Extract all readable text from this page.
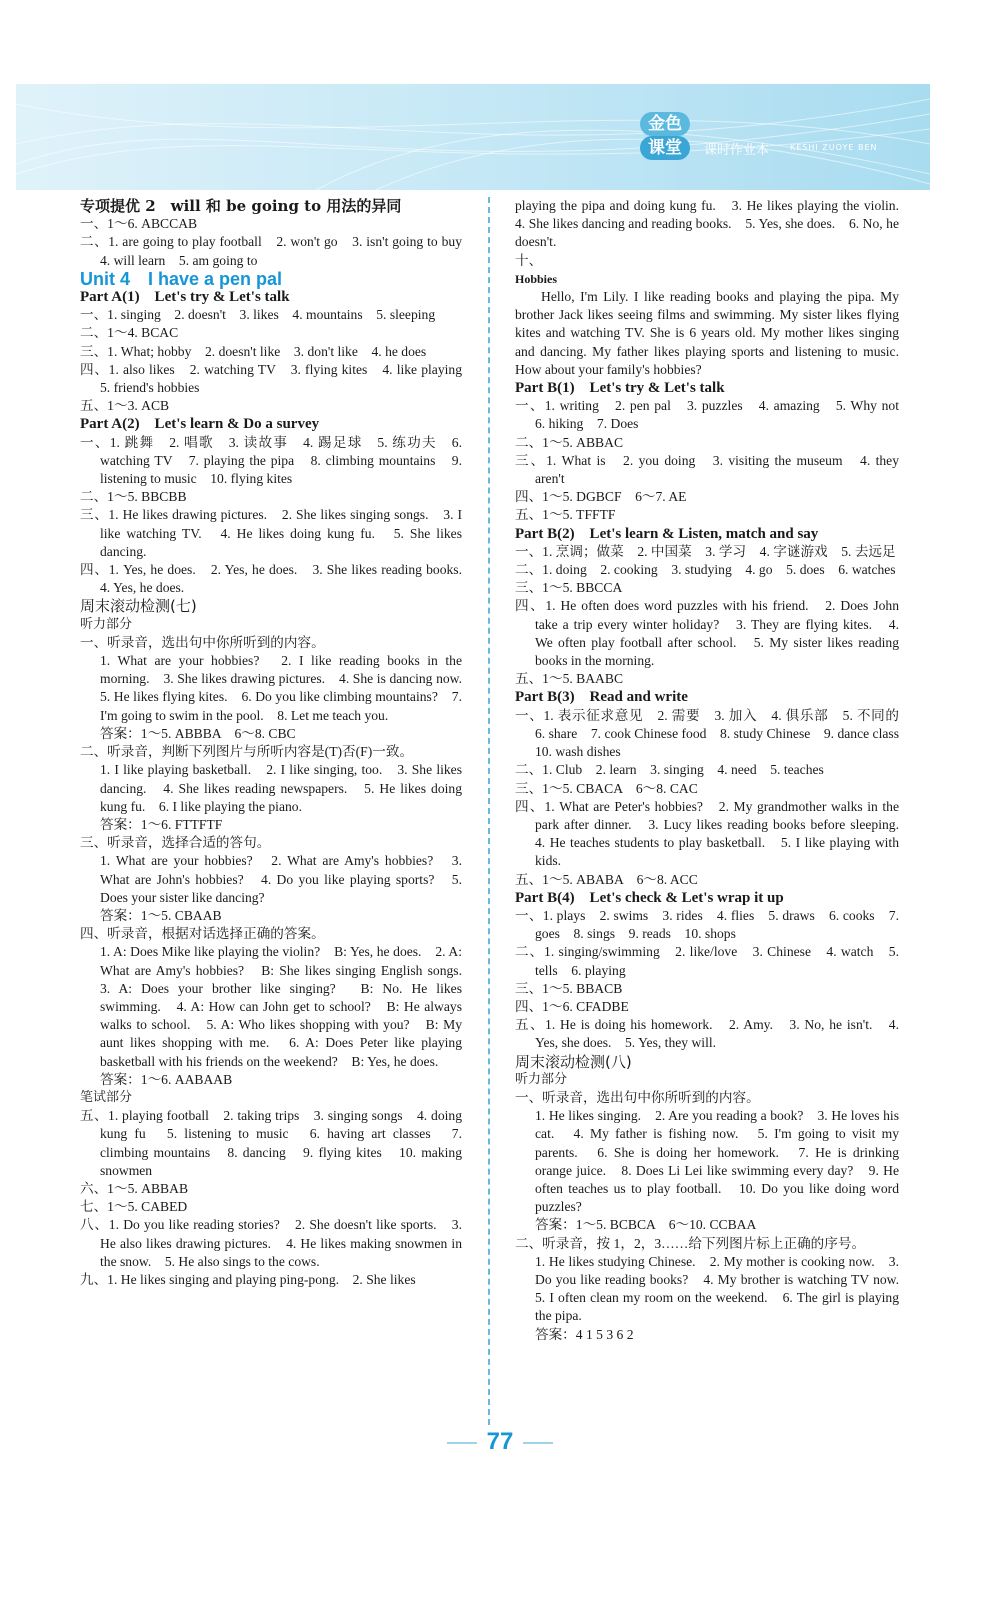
金色
课堂	课时作业本	KESHI ZUOYE BEN

专项提优 2　will 和 be going to 用法的异同

一、1～6. ABCCAB

二、1. are going to play football　2. won't go　3. isn't going to buy　4. will learn　5. am going to

Unit 4　I have a pen pal

Part A(1)　Let's try & Let's talk

一、1. singing　2. doesn't　3. likes　4. mountains　5. sleeping

二、1～4. BCAC

三、1. What; hobby　2. doesn't like　3. don't like　4. he does

四、1. also likes　2. watching TV　3. flying kites　4. like playing　5. friend's hobbies

五、1～3. ACB

Part A(2)　Let's learn & Do a survey

一、1. 跳舞　2. 唱歌　3. 读故事　4. 踢足球　5. 练功夫　6. watching TV　7. playing the pipa　8. climbing mountains　9. listening to music　10. flying kites

二、1～5. BBCBB

三、1. He likes drawing pictures.　2. She likes singing songs.　3. I like watching TV.　4. He likes doing kung fu.　5. She likes dancing.

四、1. Yes, he does.　2. Yes, he does.　3. She likes reading books.　4. Yes, he does.

周末滚动检测(七)

听力部分

一、听录音，选出句中你所听到的内容。

1. What are your hobbies?　2. I like reading books in the morning.　3. She likes drawing pictures.　4. She is dancing now.　5. He likes flying kites.　6. Do you like climbing mountains?　7. I'm going to swim in the pool.　8. Let me teach you.

答案：1～5. ABBBA　6～8. CBC

二、听录音，判断下列图片与所听内容是(T)否(F)一致。

1. I like playing basketball.　2. I like singing, too.　3. She likes dancing.　4. She likes reading newspapers.　5. He likes doing kung fu.　6. I like playing the piano.

答案：1～6. FTTFTF

三、听录音，选择合适的答句。

1. What are your hobbies?　2. What are Amy's hobbies?　3. What are John's hobbies?　4. Do you like playing sports?　5. Does your sister like dancing?

答案：1～5. CBAAB

四、听录音，根据对话选择正确的答案。

1. A: Does Mike like playing the violin?　B: Yes, he does.　2. A: What are Amy's hobbies?　B: She likes singing English songs.　3. A: Does your brother like singing?　B: No. He likes swimming.　4. A: How can John get to school?　B: He always walks to school.　5. A: Who likes shopping with you?　B: My aunt likes shopping with me.　6. A: Does Peter like playing basketball with his friends on the weekend?　B: Yes, he does.

答案：1～6. AABAAB

笔试部分

五、1. playing football　2. taking trips　3. singing songs　4. doing kung fu　5. listening to music　6. having art classes　7. climbing mountains　8. dancing　9. flying kites　10. making snowmen

六、1～5. ABBAB

七、1～5. CABED

八、1. Do you like reading stories?　2. She doesn't like sports.　3. He also likes drawing pictures.　4. He likes making snowmen in the snow.　5. He also sings to the cows.

九、1. He likes singing and playing ping-pong.　2. She likes

playing the pipa and doing kung fu.　3. He likes playing the violin.　4. She likes dancing and reading books.　5. Yes, she does.　6. No, he doesn't.

十、

Hobbies

Hello, I'm Lily. I like reading books and playing the pipa. My brother Jack likes seeing films and swimming. My sister likes flying kites and watching TV. She is 6 years old. My mother likes singing and dancing. My father likes playing sports and listening to music. How about your family's hobbies?

Part B(1)　Let's try & Let's talk

一、1. writing　2. pen pal　3. puzzles　4. amazing　5. Why not　6. hiking　7. Does

二、1～5. ABBAC

三、1. What is　2. you doing　3. visiting the museum　4. they aren't

四、1～5. DGBCF　6～7. AE

五、1～5. TFFTF

Part B(2)　Let's learn & Listen, match and say

一、1. 烹调；做菜　2. 中国菜　3. 学习　4. 字谜游戏　5. 去远足

二、1. doing　2. cooking　3. studying　4. go　5. does　6. watches

三、1～5. BBCCA

四、1. He often does word puzzles with his friend.　2. Does John take a trip every winter holiday?　3. They are flying kites.　4. We often play football after school.　5. My sister likes reading books in the morning.

五、1～5. BAABC

Part B(3)　Read and write

一、1. 表示征求意见　2. 需要　3. 加入　4. 俱乐部　5. 不同的　6. share　7. cook Chinese food　8. study Chinese　9. dance class　10. wash dishes

二、1. Club　2. learn　3. singing　4. need　5. teaches

三、1～5. CBACA　6～8. CAC

四、1. What are Peter's hobbies?　2. My grandmother walks in the park after dinner.　3. Lucy likes reading books before sleeping.　4. He teaches students to play basketball.　5. I like playing with kids.

五、1～5. ABABA　6～8. ACC

Part B(4)　Let's check & Let's wrap it up

一、1. plays　2. swims　3. rides　4. flies　5. draws　6. cooks　7. goes　8. sings　9. reads　10. shops

二、1. singing/swimming　2. like/love　3. Chinese　4. watch　5. tells　6. playing

三、1～5. BBACB

四、1～6. CFADBE

五、1. He is doing his homework.　2. Amy.　3. No, he isn't.　4. Yes, she does.　5. Yes, they will.

周末滚动检测(八)

听力部分

一、听录音，选出句中你所听到的内容。

1. He likes singing.　2. Are you reading a book?　3. He loves his cat.　4. My father is fishing now.　5. I'm going to visit my parents.　6. She is doing her homework.　7. He is drinking orange juice.　8. Does Li Lei like swimming every day?　9. He often teaches us to play football.　10. Do you like doing word puzzles?

答案：1～5. BCBCA　6～10. CCBAA

二、听录音，按 1，2，3……给下列图片标上正确的序号。

1. He likes studying Chinese.　2. My mother is cooking now.　3. Do you like reading books?　4. My brother is watching TV now.　5. I often clean my room on the weekend.　6. The girl is playing the pipa.

答案：4 1 5 3 6 2

77
